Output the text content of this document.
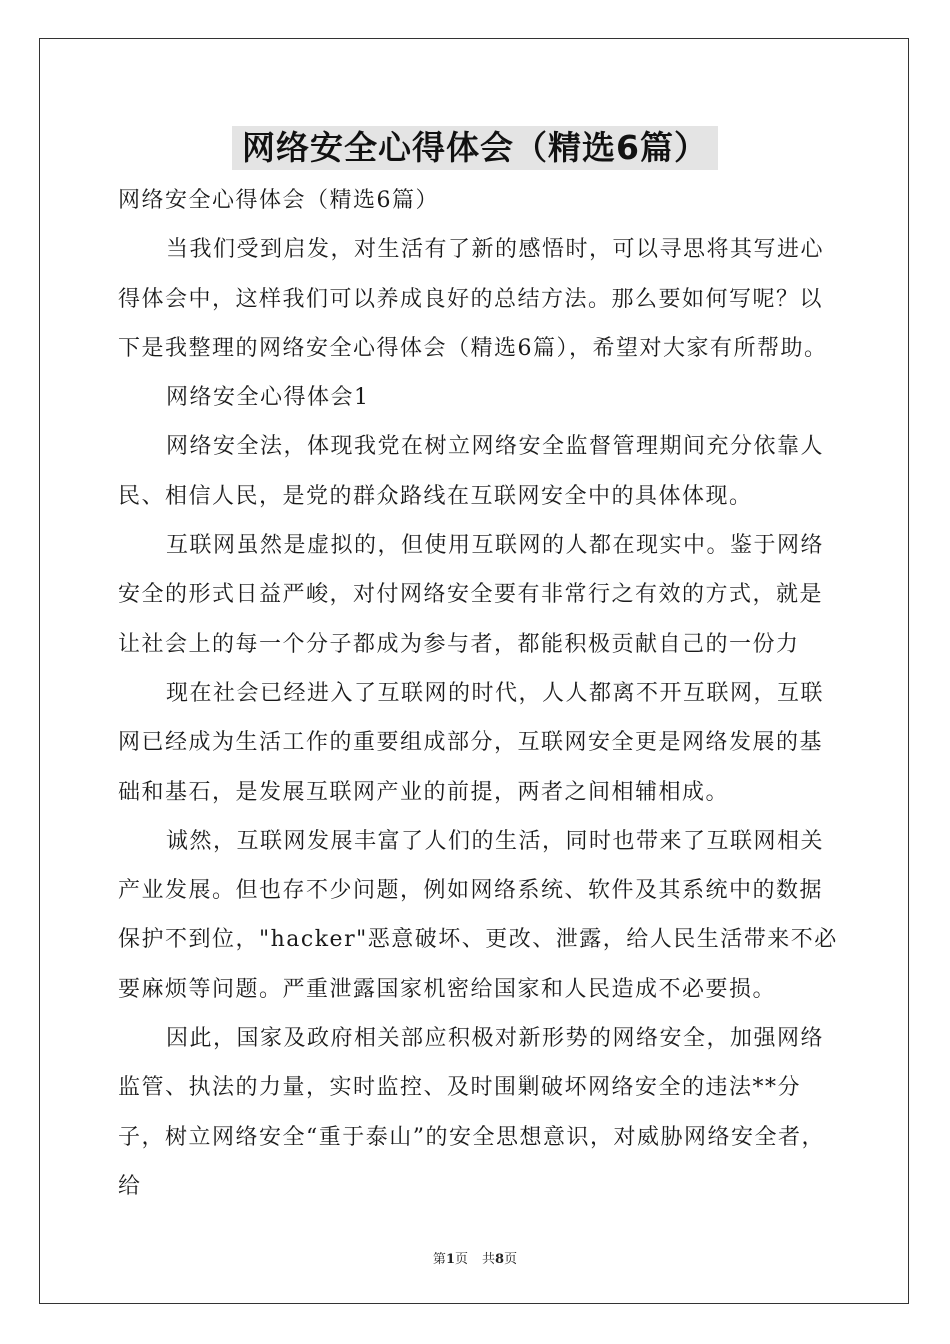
网络安全心得体会（精选6篇）

网络安全心得体会（精选6篇）

当我们受到启发，对生活有了新的感悟时，可以寻思将其写进心得体会中，这样我们可以养成良好的总结方法。那么要如何写呢？以下是我整理的网络安全心得体会（精选6篇），希望对大家有所帮助。

网络安全心得体会1

网络安全法，体现我党在树立网络安全监督管理期间充分依靠人民、相信人民，是党的群众路线在互联网安全中的具体体现。

互联网虽然是虚拟的，但使用互联网的人都在现实中。鉴于网络安全的形式日益严峻，对付网络安全要有非常行之有效的方式，就是让社会上的每一个分子都成为参与者，都能积极贡献自己的一份力

现在社会已经进入了互联网的时代，人人都离不开互联网，互联网已经成为生活工作的重要组成部分，互联网安全更是网络发展的基础和基石，是发展互联网产业的前提，两者之间相辅相成。

诚然，互联网发展丰富了人们的生活，同时也带来了互联网相关产业发展。但也存不少问题，例如网络系统、软件及其系统中的数据保护不到位，"hacker"恶意破坏、更改、泄露，给人民生活带来不必要麻烦等问题。严重泄露国家机密给国家和人民造成不必要损。

因此，国家及政府相关部应积极对新形势的网络安全，加强网络监管、执法的力量，实时监控、及时围剿破坏网络安全的违法**分子，树立网络安全“重于泰山”的安全思想意识，对威胁网络安全者，给

第1页 共8页
